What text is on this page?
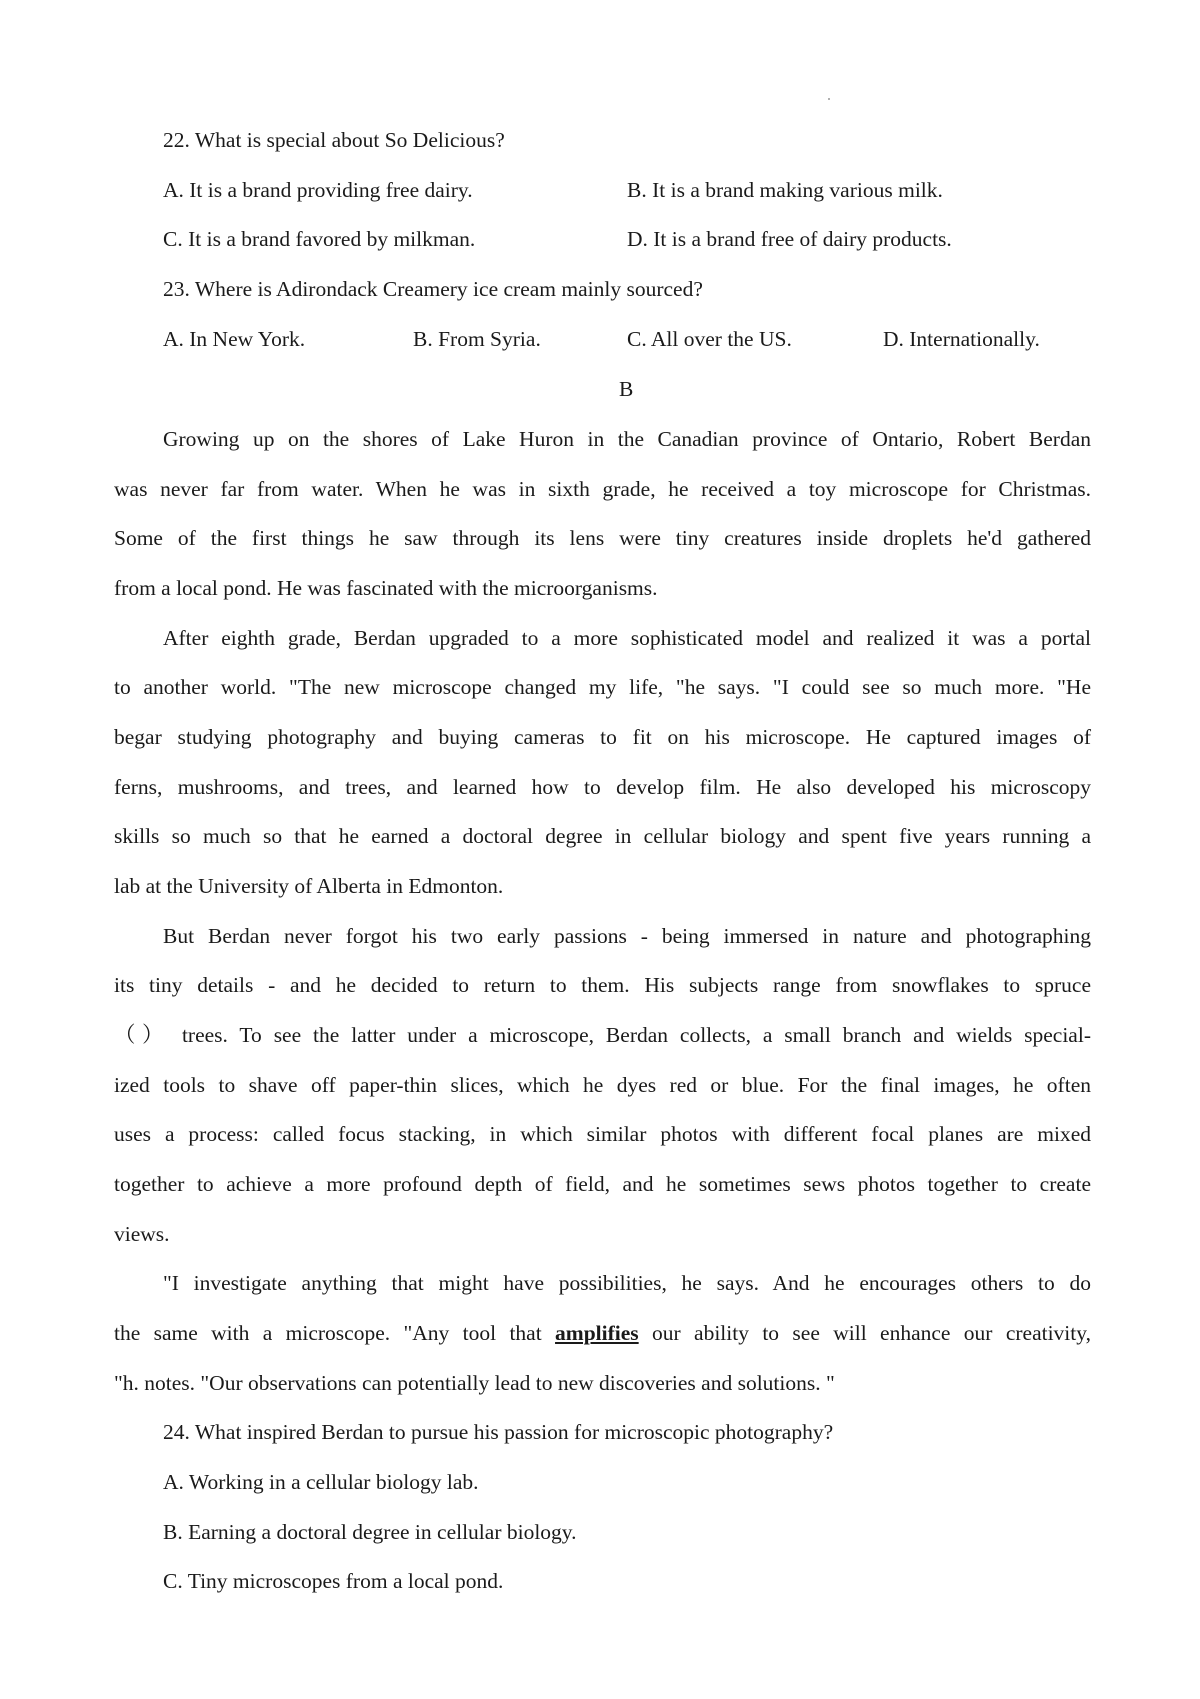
22. What is special about So Delicious?
A. It is a brand providing free dairy.	B. It is a brand making various milk.
C. It is a brand favored by milkman.	D. It is a brand free of dairy products.
23. Where is Adirondack Creamery ice cream mainly sourced?
A. In New York.	B. From Syria.	C. All over the US.	D. Internationally.
B
Growing up on the shores of Lake Huron in the Canadian province of Ontario, Robert Berdan
was never far from water. When he was in sixth grade, he received a toy microscope for Christmas.
Some of the first things he saw through its lens were tiny creatures inside droplets he'd gathered
from a local pond. He was fascinated with the microorganisms.
After eighth grade, Berdan upgraded to a more sophisticated model and realized it was a portal
to another world. "The new microscope changed my life, "he says. "I could see so much more. "He
begar studying photography and buying cameras to fit on his microscope. He captured images of
ferns, mushrooms, and trees, and learned how to develop film. He also developed his microscopy
skills so much so that he earned a doctoral degree in cellular biology and spent five years running a
lab at the University of Alberta in Edmonton.
But Berdan never forgot his two early passions - being immersed in nature and photographing
its tiny details - and he decided to return to them. His subjects range from snowflakes to spruce
（） trees. To see the latter under a microscope, Berdan collects, a small branch and wields special-
ized tools to shave off paper-thin slices, which he dyes red or blue. For the final images, he often
uses a process: called focus stacking, in which similar photos with different focal planes are mixed
together to achieve a more profound depth of field, and he sometimes sews photos together to create
views.
"I investigate anything that might have possibilities, he says. And he encourages others to do
the same with a microscope. "Any tool that amplifies our ability to see will enhance our creativity,
"h. notes. "Our observations can potentially lead to new discoveries and solutions. "
24. What inspired Berdan to pursue his passion for microscopic photography?
A. Working in a cellular biology lab.
B. Earning a doctoral degree in cellular biology.
C. Tiny microscopes from a local pond.
